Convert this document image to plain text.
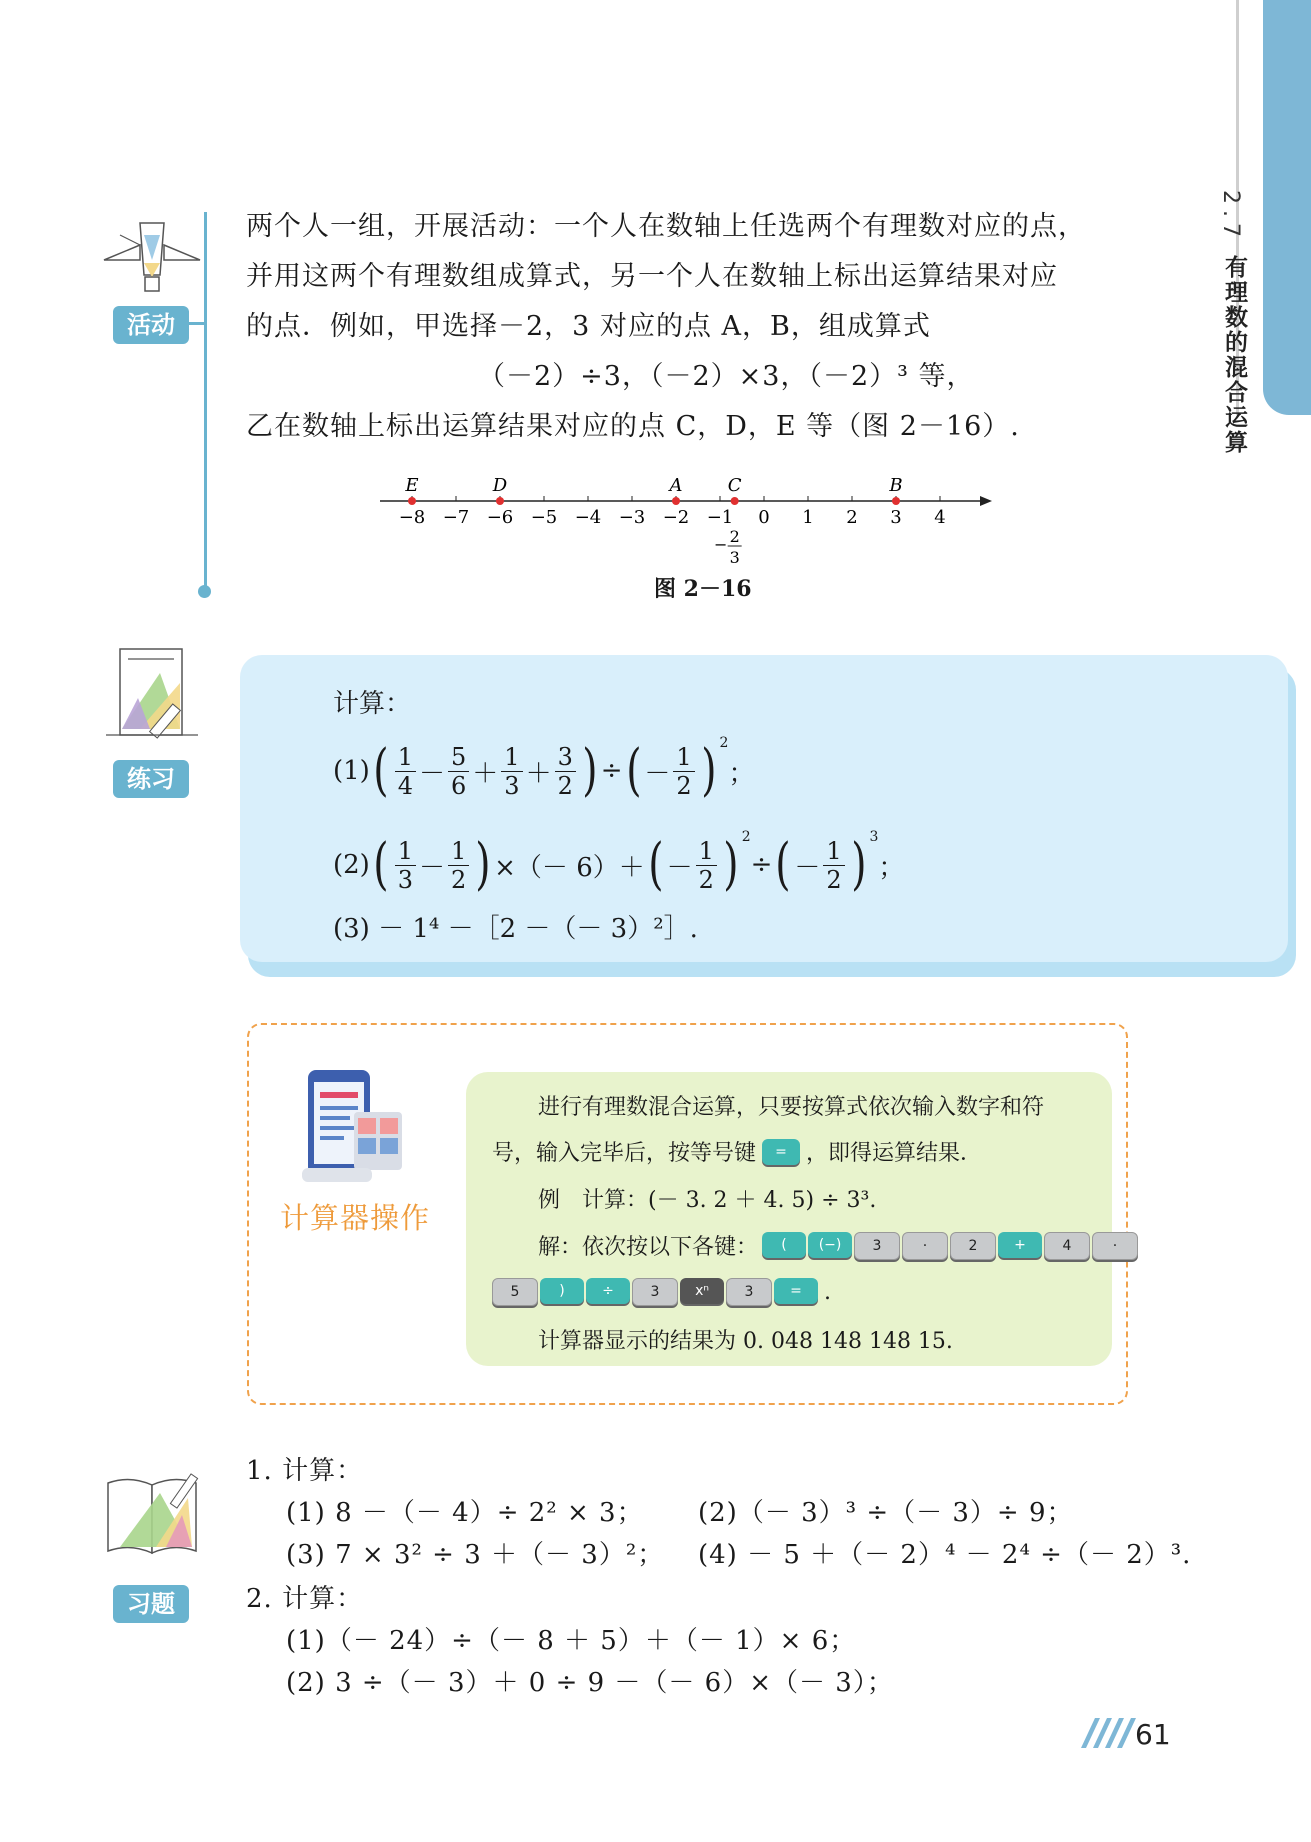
2.7
有理数的混合运算
活动
两个人一组，开展活动：一个人在数轴上任选两个有理数对应的点，
并用这两个有理数组成算式，另一个人在数轴上标出运算结果对应
的点．例如，甲选择－2，3 对应的点 A，B，组成算式
（－2）÷3，（－2）×3，（－2）³ 等，
乙在数轴上标出运算结果对应的点 C，D，E 等（图 2－16）.
−8 −7 −6 −5 −4 −3 −2 −1 0 1 2 3 4
E	D	A	C	B
− 2
3
图 2－16
练习
计算：
(1) ( $\frac{1}{4} - \frac{5}{6} + \frac{1}{3} + \frac{3}{2}$ ) ÷ ( － $\frac{1}{2}$ ) 2
；
(2) ( $\frac{1}{3} - \frac{1}{2}$ ) ×（－ 6）＋ ( － $\frac{1}{2}$ ) 2
÷ ( － $\frac{1}{2}$ ) 3
；
(3) － 1⁴ －［2 －（－ 3）²］.
计算器操作
进行有理数混合运算，只要按算式依次输入数字和符
号，输入完毕后，按等号键	= ，即得运算结果．
例　计算：(－ 3. 2 ＋ 4. 5) ÷ 3³.
解：依次按以下各键：	(	(−)	3	·	2	+	4	·
5	)	÷	3	xⁿ	3	=	.
计算器显示的结果为 0. 048 148 148 15.
习题
1. 计算：
(1) 8 －（－ 4）÷ 2² × 3； (2)（－ 3）³ ÷（－ 3）÷ 9；
(3) 7 × 3² ÷ 3 ＋（－ 3）²； (4) － 5 ＋（－ 2）⁴ － 2⁴ ÷（－ 2）³.
2. 计算：
(1)（－ 24）÷（－ 8 ＋ 5）＋（－ 1）× 6；
(2) 3 ÷（－ 3）＋ 0 ÷ 9 －（－ 6）×（－ 3）；
61
